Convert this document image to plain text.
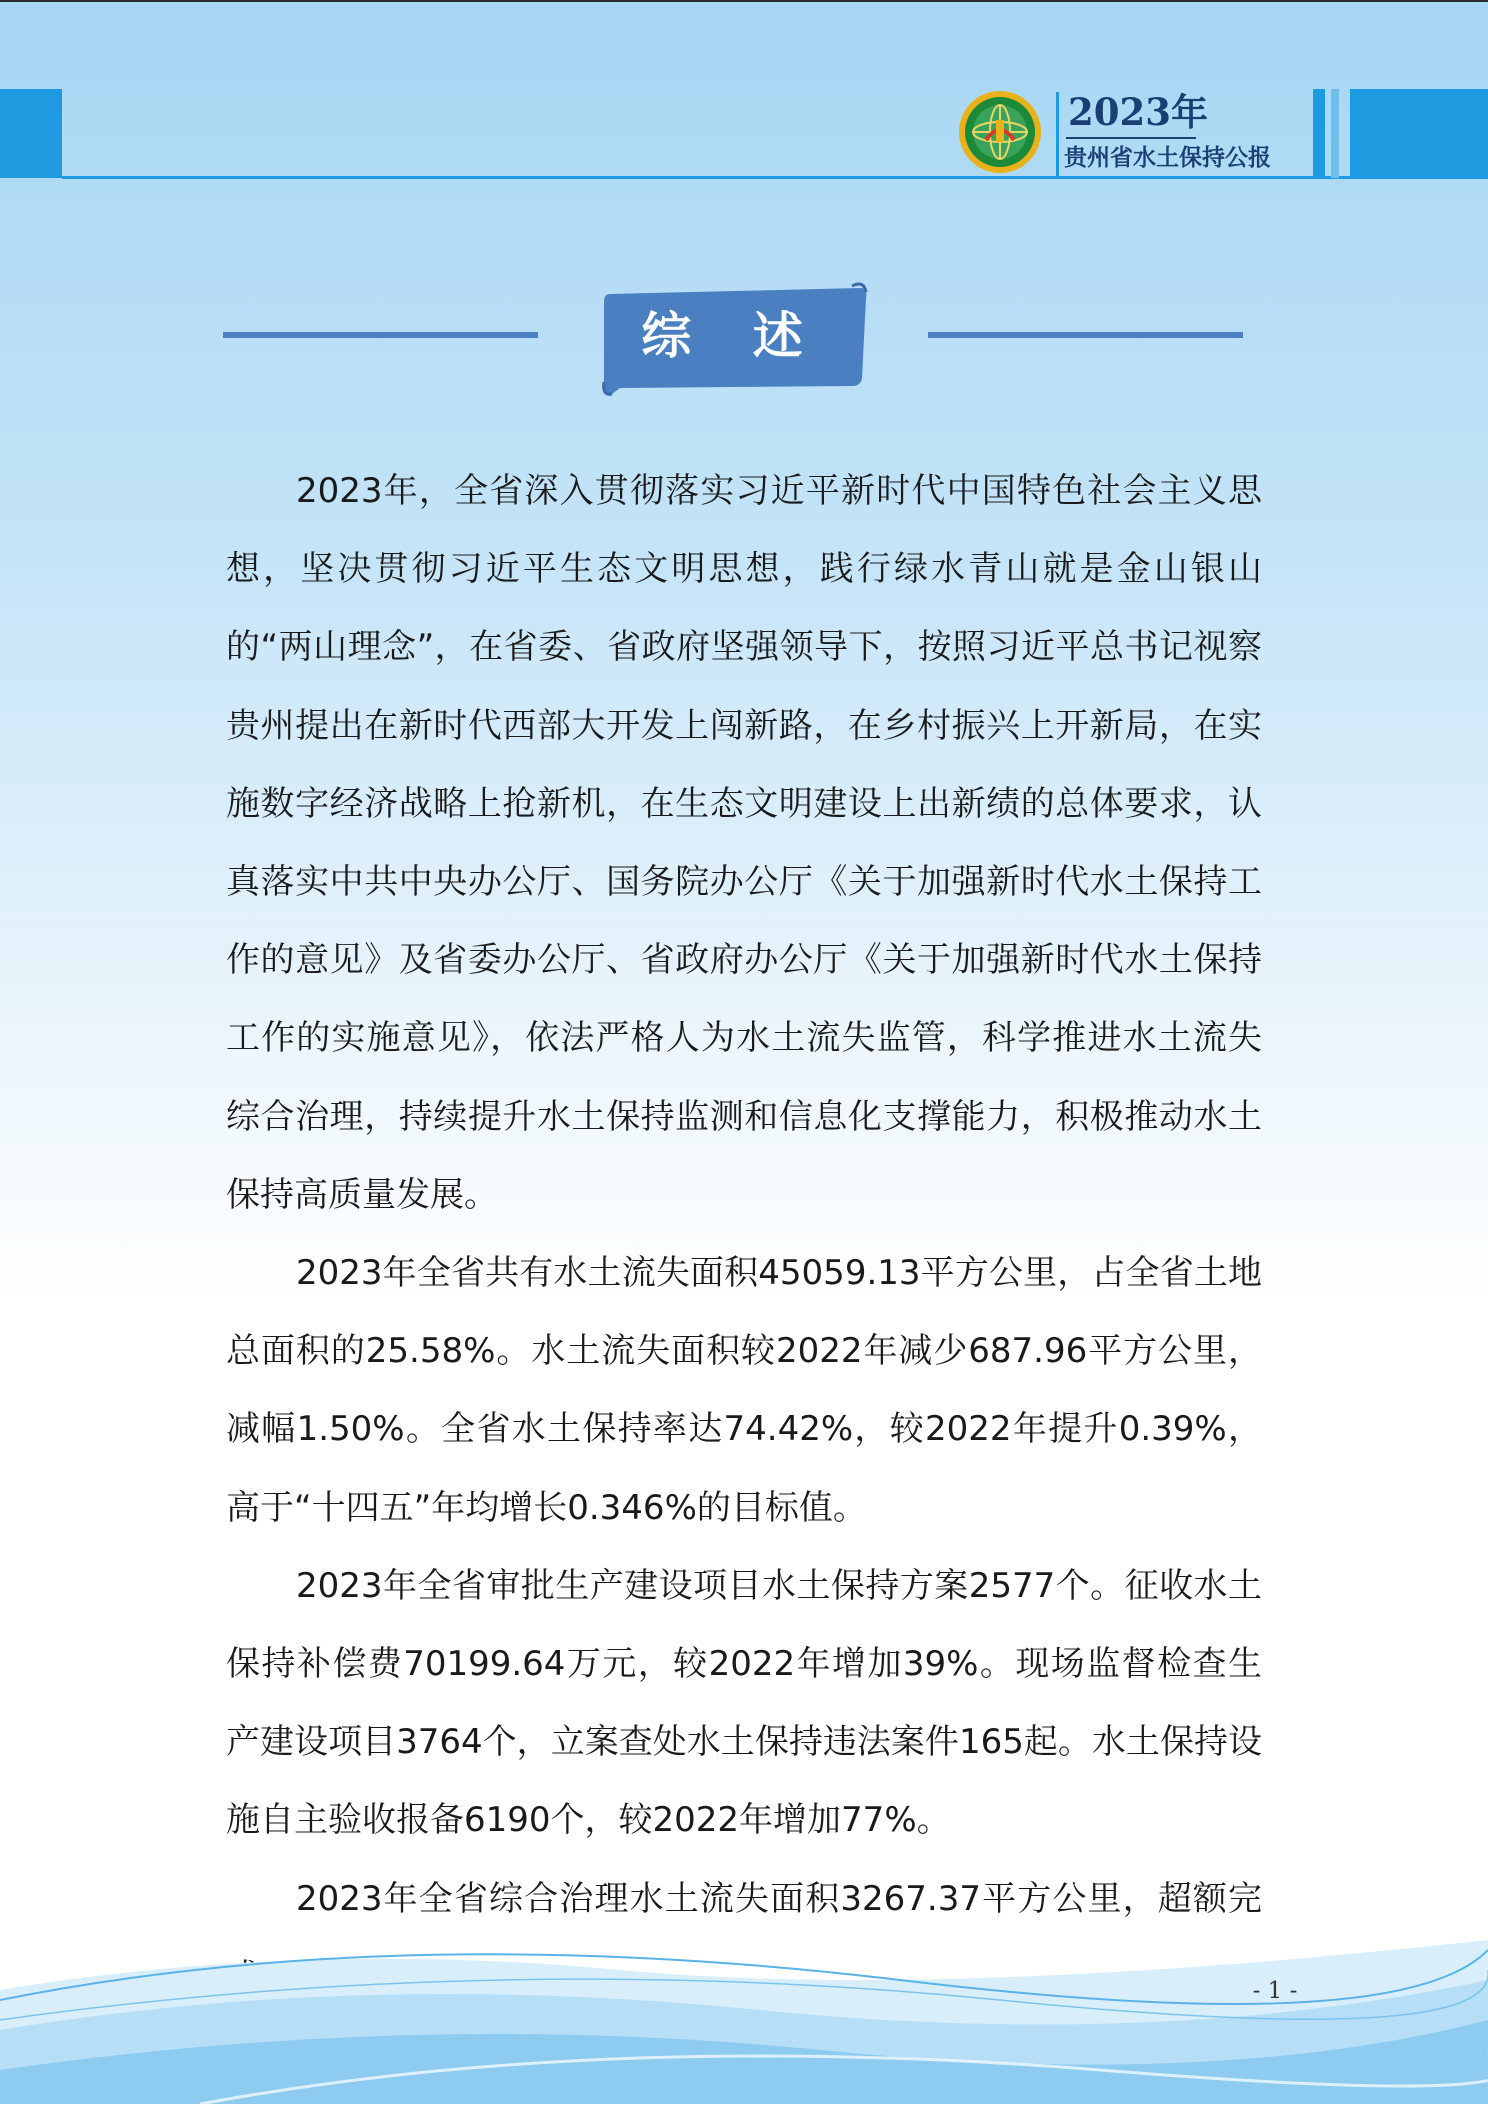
2023年
贵州省水土保持公报
综 述

2023年，全省深入贯彻落实习近平新时代中国特色社会主义思想，坚决贯彻习近平生态文明思想，践行绿水青山就是金山银山的“两山理念”，在省委、省政府坚强领导下，按照习近平总书记视察贵州提出在新时代西部大开发上闯新路，在乡村振兴上开新局，在实施数字经济战略上抢新机，在生态文明建设上出新绩的总体要求，认真落实中共中央办公厅、国务院办公厅《关于加强新时代水土保持工作的意见》及省委办公厅、省政府办公厅《关于加强新时代水土保持工作的实施意见》，依法严格人为水土流失监管，科学推进水土流失综合治理，持续提升水土保持监测和信息化支撑能力，积极推动水土保持高质量发展。

2023年全省共有水土流失面积45059.13平方公里，占全省土地总面积的25.58%。水土流失面积较2022年减少687.96平方公里，减幅1.50%。全省水土保持率达74.42%，较2022年提升0.39%，高于“十四五”年均增长0.346%的目标值。

2023年全省审批生产建设项目水土保持方案2577个。征收水土保持补偿费70199.64万元，较2022年增加39%。现场监督检查生产建设项目3764个，立案查处水土保持违法案件165起。水土保持设施自主验收报备6190个，较2022年增加77%。

2023年全省综合治理水土流失面积3267.37平方公里，超额完

- 1 -
